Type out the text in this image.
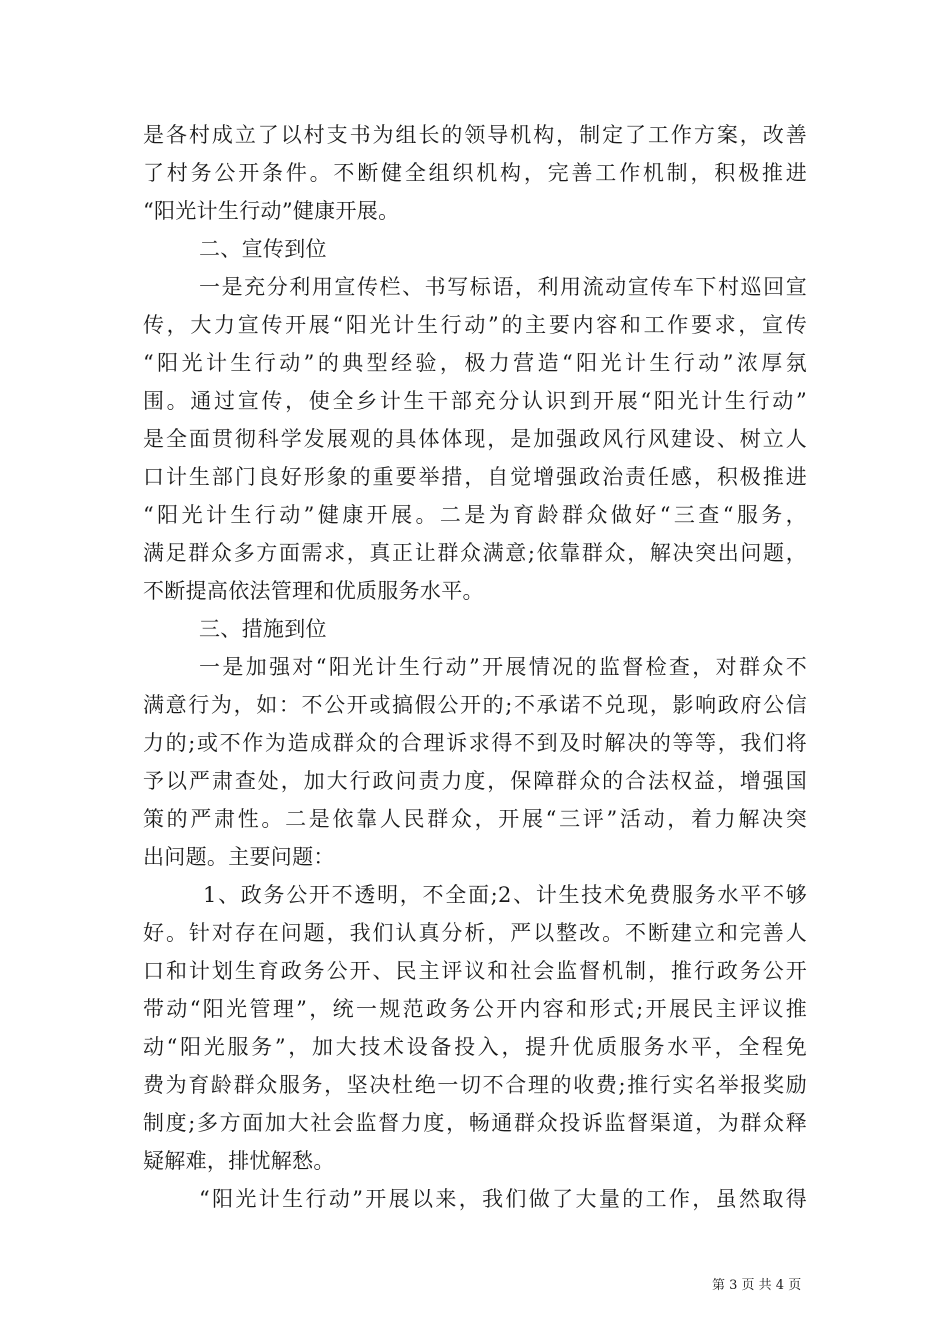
是各村成立了以村支书为组长的领导机构，制定了工作方案，改善
了村务公开条件。不断健全组织机构，完善工作机制，积极推进
“阳光计生行动”健康开展。
二、宣传到位
一是充分利用宣传栏、书写标语，利用流动宣传车下村巡回宣
传，大力宣传开展“阳光计生行动”的主要内容和工作要求，宣传
“阳光计生行动”的典型经验，极力营造“阳光计生行动”浓厚氛
围。通过宣传，使全乡计生干部充分认识到开展“阳光计生行动”
是全面贯彻科学发展观的具体体现，是加强政风行风建设、树立人
口计生部门良好形象的重要举措，自觉增强政治责任感，积极推进
“阳光计生行动”健康开展。二是为育龄群众做好“三查“服务，
满足群众多方面需求，真正让群众满意;依靠群众，解决突出问题，
不断提高依法管理和优质服务水平。
三、措施到位
一是加强对“阳光计生行动”开展情况的监督检查，对群众不
满意行为，如：不公开或搞假公开的;不承诺不兑现，影响政府公信
力的;或不作为造成群众的合理诉求得不到及时解决的等等，我们将
予以严肃查处，加大行政问责力度，保障群众的合法权益，增强国
策的严肃性。二是依靠人民群众，开展“三评”活动，着力解决突
出问题。主要问题：
1、政务公开不透明，不全面;2、计生技术免费服务水平不够
好。针对存在问题，我们认真分析，严以整改。不断建立和完善人
口和计划生育政务公开、民主评议和社会监督机制，推行政务公开
带动“阳光管理”，统一规范政务公开内容和形式;开展民主评议推
动“阳光服务”，加大技术设备投入，提升优质服务水平，全程免
费为育龄群众服务，坚决杜绝一切不合理的收费;推行实名举报奖励
制度;多方面加大社会监督力度，畅通群众投诉监督渠道，为群众释
疑解难，排忧解愁。
“阳光计生行动”开展以来，我们做了大量的工作，虽然取得
第 3 页 共 4 页
